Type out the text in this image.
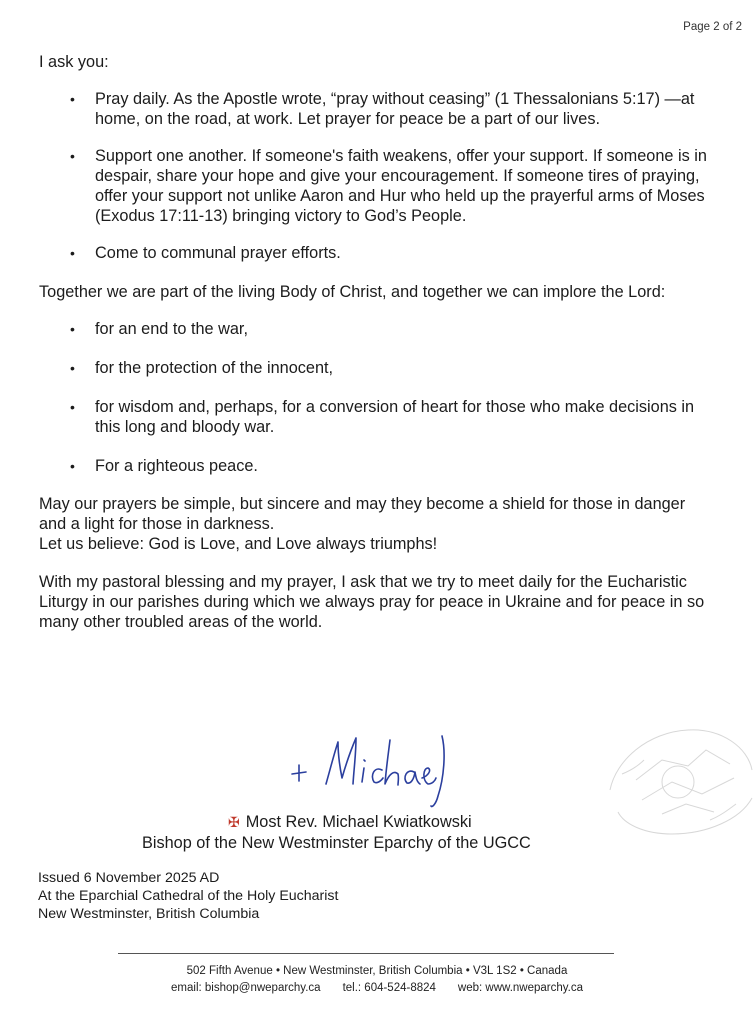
Page 2 of 2

I ask you:

• Pray daily. As the Apostle wrote, “pray without ceasing” (1 Thessalonians 5:17) —at home, on the road, at work. Let prayer for peace be a part of our lives.
• Support one another. If someone's faith weakens, offer your support. If someone is in despair, share your hope and give your encouragement. If someone tires of praying, offer your support not unlike Aaron and Hur who held up the prayerful arms of Moses (Exodus 17:11-13) bringing victory to God’s People.
• Come to communal prayer efforts.

Together we are part of the living Body of Christ, and together we can implore the Lord:

• for an end to the war,
• for the protection of the innocent,
• for wisdom and, perhaps, for a conversion of heart for those who make decisions in this long and bloody war.
• For a righteous peace.
May our prayers be simple, but sincere and may they become a shield for those in danger and a light for those in darkness.
Let us believe: God is Love, and Love always triumphs!

With my pastoral blessing and my prayer, I ask that we try to meet daily for the Eucharistic Liturgy in our parishes during which we always pray for peace in Ukraine and for peace in so many other troubled areas of the world.

✠ Most Rev. Michael Kwiatkowski
Bishop of the New Westminster Eparchy of the UGCC
Issued 6 November 2025 AD
At the Eparchial Cathedral of the Holy Eucharist
New Westminster, British Columbia
502 Fifth Avenue • New Westminster, British Columbia • V3L 1S2 • Canada
email: bishop@nweparchy.ca tel.: 604-524-8824 web: www.nweparchy.ca
